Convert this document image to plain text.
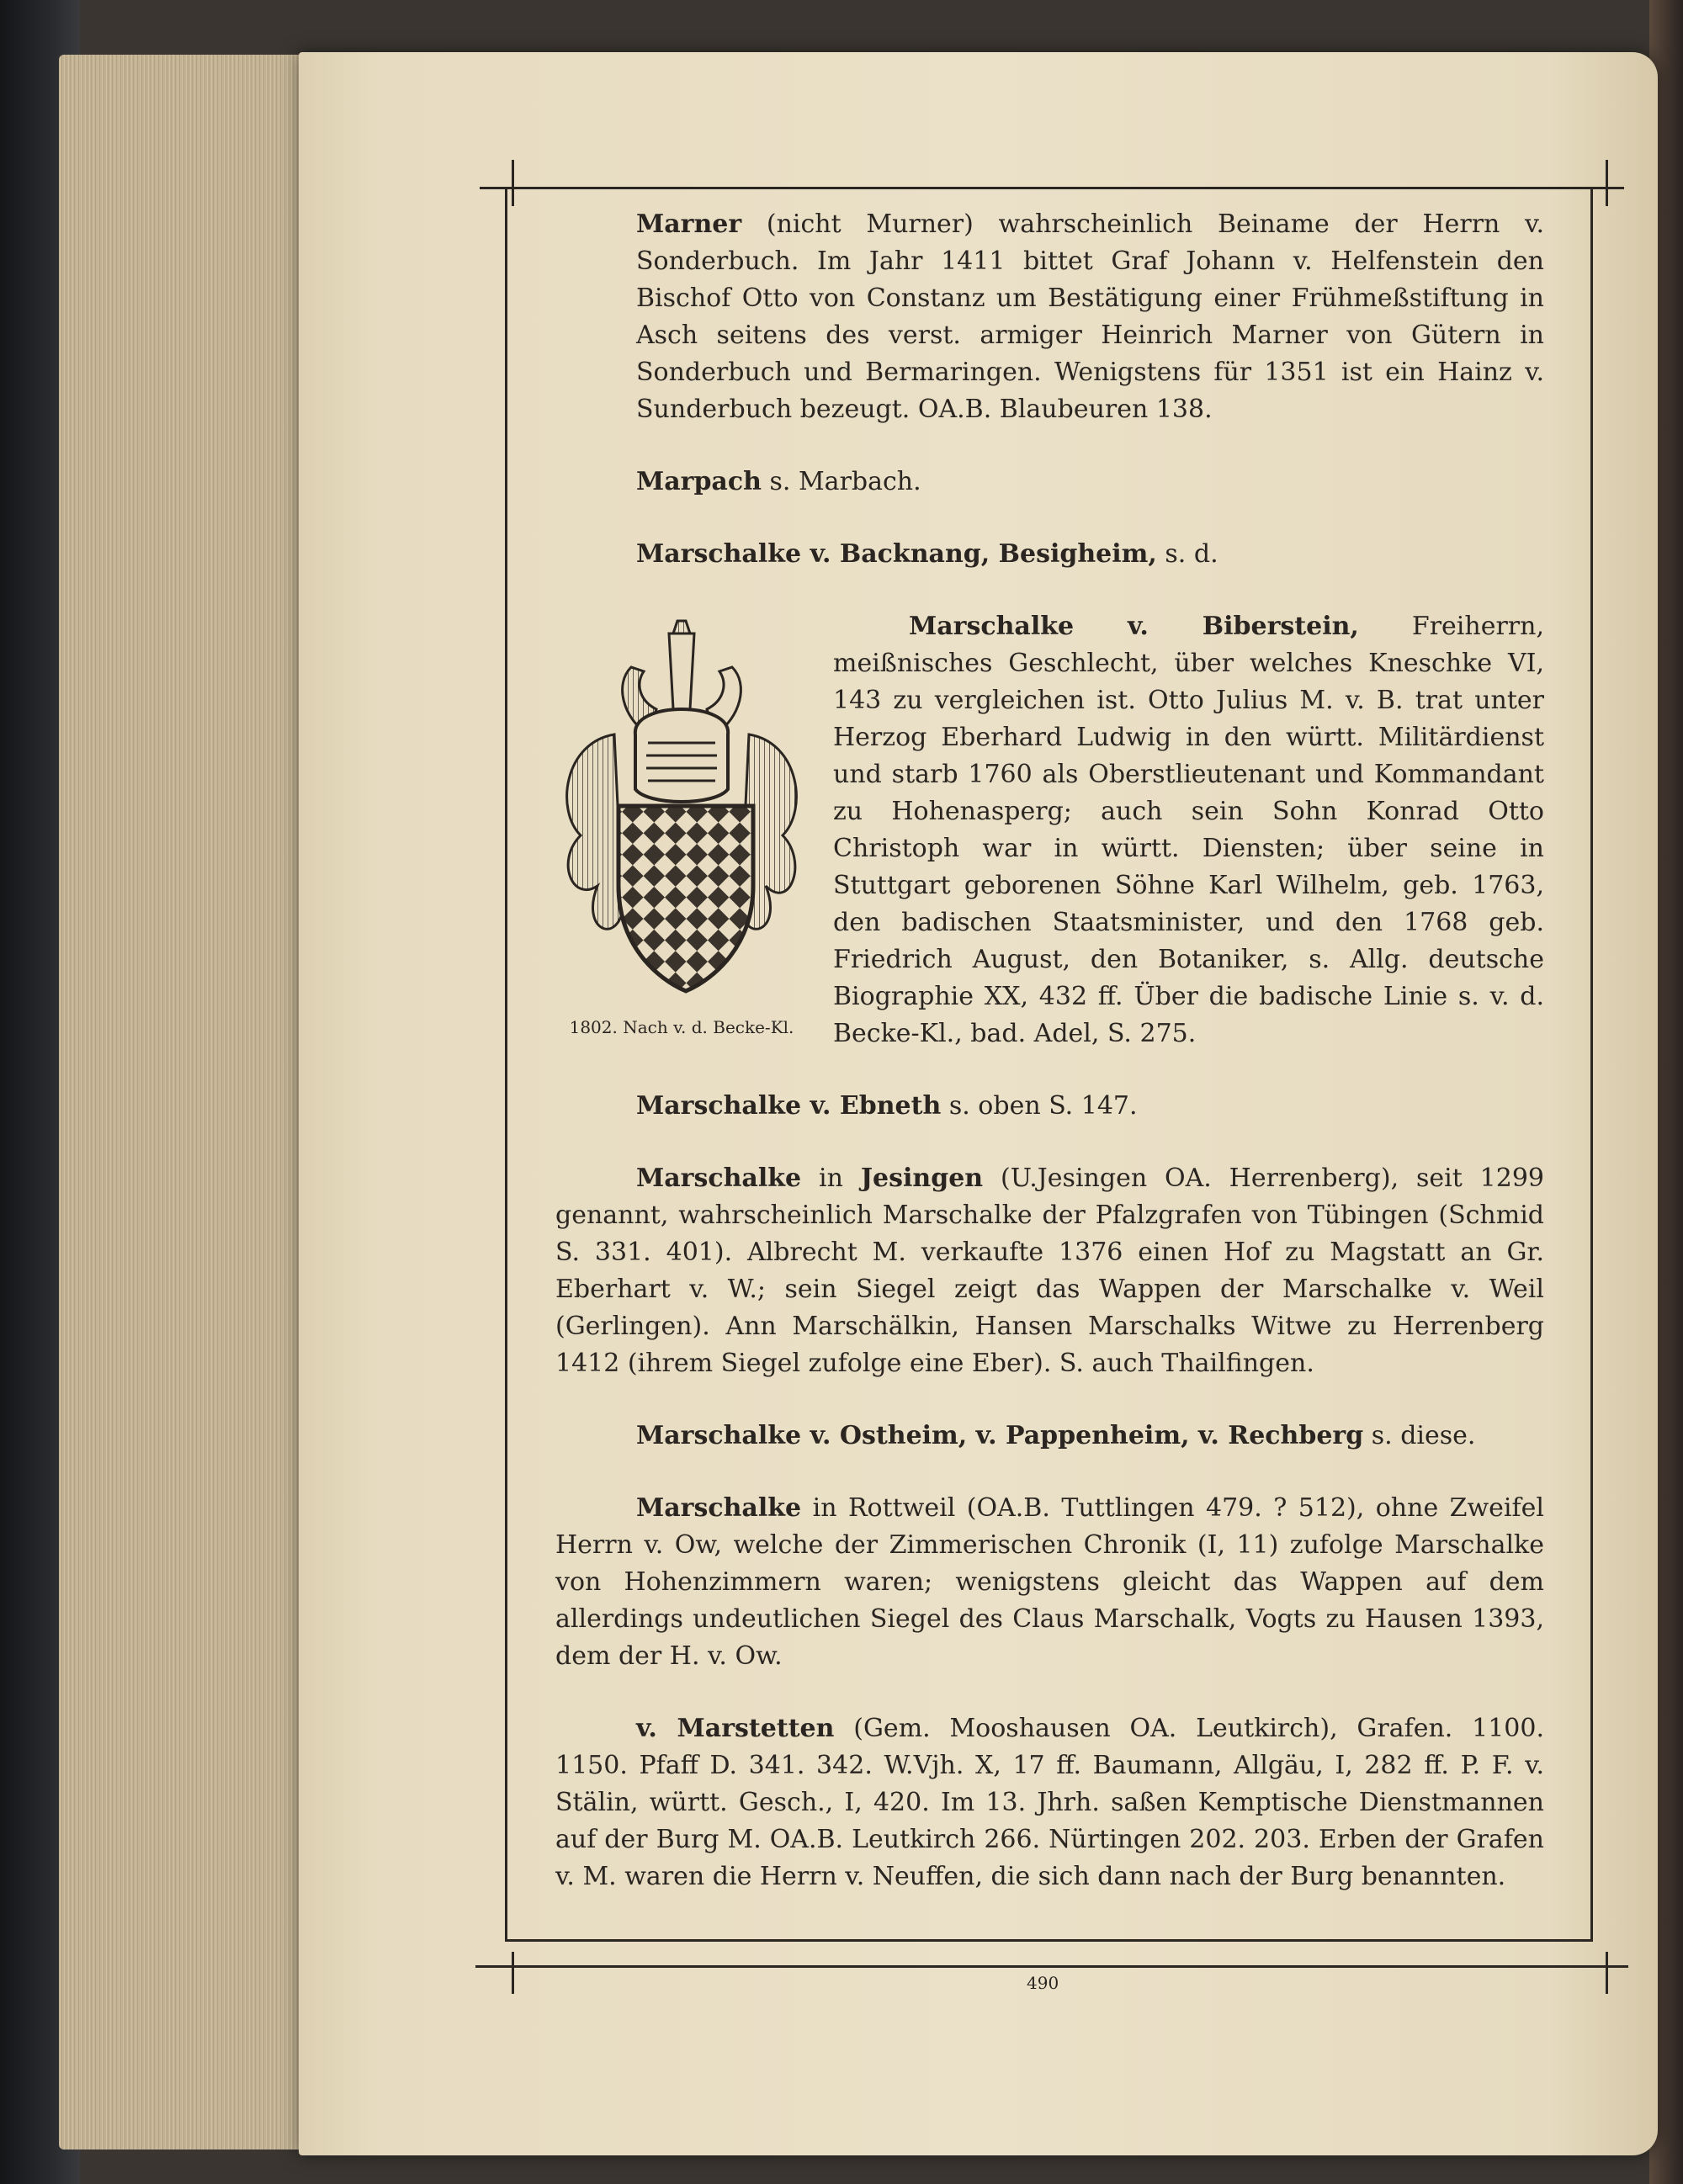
Marner (nicht Murner) wahrscheinlich Beiname der Herrn v. Sonderbuch. Im Jahr 1411 bittet Graf Johann v. Helfenstein den Bischof Otto von Constanz um Bestätigung einer Frühmeßstiftung in Asch seitens des verst. armiger Heinrich Marner von Gütern in Sonderbuch und Bermaringen. Wenigstens für 1351 ist ein Hainz v. Sunderbuch bezeugt. OA.B. Blaubeuren 138.
Marpach s. Marbach.
Marschalke v. Backnang, Besigheim, s. d.
1802. Nach v. d. Becke-Kl.
Marschalke v. Biberstein, Freiherrn, meißnisches Geschlecht, über welches Kneschke VI, 143 zu vergleichen ist. Otto Julius M. v. B. trat unter Herzog Eberhard Ludwig in den württ. Militärdienst und starb 1760 als Oberstlieutenant und Kommandant zu Hohenasperg; auch sein Sohn Konrad Otto Christoph war in württ. Diensten; über seine in Stuttgart geborenen Söhne Karl Wilhelm, geb. 1763, den badischen Staatsminister, und den 1768 geb. Friedrich August, den Botaniker, s. Allg. deutsche Biographie XX, 432 ff. Über die badische Linie s. v. d. Becke-Kl., bad. Adel, S. 275.
Marschalke v. Ebneth s. oben S. 147.
Marschalke in Jesingen (U.Jesingen OA. Herrenberg), seit 1299 genannt, wahrscheinlich Marschalke der Pfalzgrafen von Tübingen (Schmid S. 331. 401). Albrecht M. verkaufte 1376 einen Hof zu Magstatt an Gr. Eberhart v. W.; sein Siegel zeigt das Wappen der Marschalke v. Weil (Gerlingen). Ann Marschälkin, Hansen Marschalks Witwe zu Herrenberg 1412 (ihrem Siegel zufolge eine Eber). S. auch Thailfingen.
Marschalke v. Ostheim, v. Pappenheim, v. Rechberg s. diese.
Marschalke in Rottweil (OA.B. Tuttlingen 479. ? 512), ohne Zweifel Herrn v. Ow, welche der Zimmerischen Chronik (I, 11) zufolge Marschalke von Hohenzimmern waren; wenigstens gleicht das Wappen auf dem allerdings undeutlichen Siegel des Claus Marschalk, Vogts zu Hausen 1393, dem der H. v. Ow.
v. Marstetten (Gem. Mooshausen OA. Leutkirch), Grafen. 1100. 1150. Pfaff D. 341. 342. W.Vjh. X, 17 ff. Baumann, Allgäu, I, 282 ff. P. F. v. Stälin, württ. Gesch., I, 420. Im 13. Jhrh. saßen Kemptische Dienstmannen auf der Burg M. OA.B. Leutkirch 266. Nürtingen 202. 203. Erben der Grafen v. M. waren die Herrn v. Neuffen, die sich dann nach der Burg benannten.
490
